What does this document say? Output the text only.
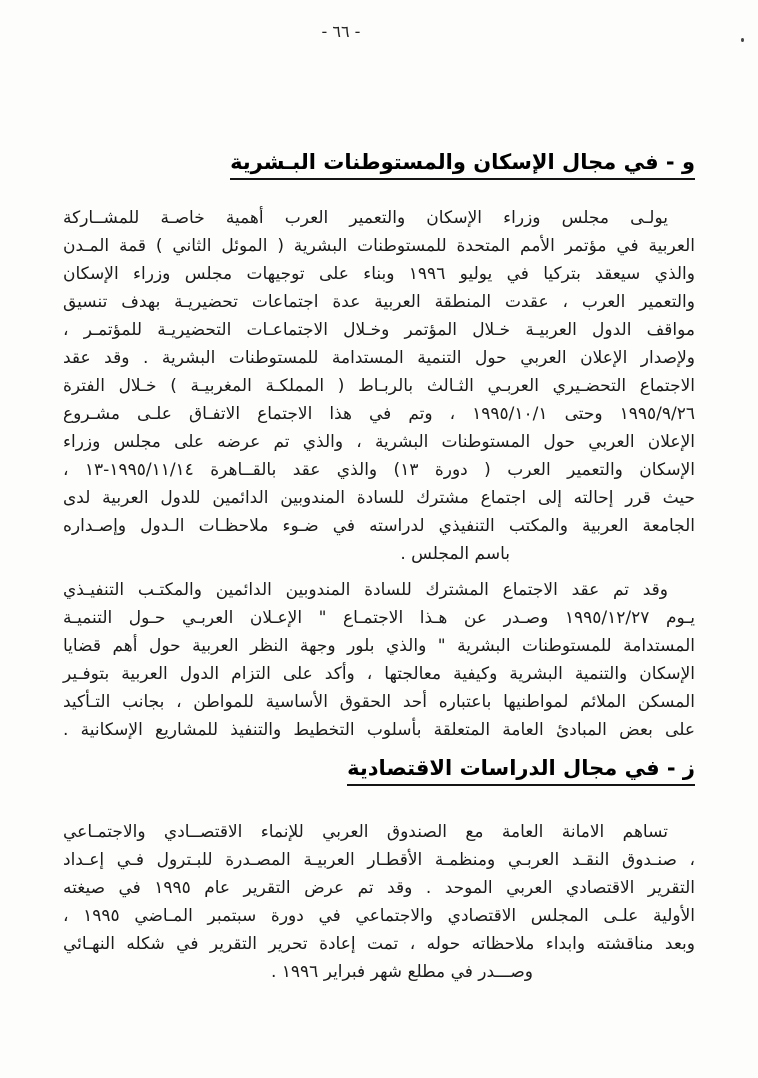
- ٦٦ -
و - في مجال الإسكان والمستوطنات البـشرية
يولـى مجلس وزراء الإسكان والتعمير العرب أهمية خاصـة للمشــاركة
العربية في مؤتمر الأمم المتحدة للمستوطنات البشرية ( الموئل الثاني ) قمة المـدن
والذي سيعقد بتركيا في يوليو ١٩٩٦ وبناء على توجيهات مجلس وزراء الإسكان
والتعمير العرب ، عقدت المنطقة العربية عدة اجتماعات تحضيريـة بهدف تنسيق
مواقف الدول العربيـة خـلال المؤتمر وخـلال الاجتماعـات التحضيريـة للمؤتمـر ،
ولإصدار الإعلان العربي حول التنمية المستدامة للمستوطنات البشرية . وقد عقد
الاجتماع التحضـيري العربـي الثـالث بالربـاط ( المملكـة المغربيـة ) خـلال الفترة
١٩٩٥/٩/٢٦ وحتى ١٩٩٥/١٠/١ ، وتم في هذا الاجتماع الاتفـاق علـى مشـروع
الإعلان العربي حول المستوطنات البشرية ، والذي تم عرضه على مجلس وزراء
الإسكان والتعمير العرب ( دورة ١٣) والذي عقد بالقــاهرة ⁦١٩٩٥/١١/١٤-١٣⁩ ،
حيث قرر إحالته إلى اجتماع مشترك للسادة المندوبين الدائمين للدول العربية لدى
الجامعة العربية والمكتب التنفيذي لدراسته في ضـوء ملاحظـات الـدول وإصـداره
باسم المجلس .
وقد تم عقد الاجتماع المشترك للسادة المندوبين الدائمين والمكتـب التنفيـذي
يـوم ١٩٩٥/١٢/٢٧ وصـدر عن هـذا الاجتمـاع " الإعـلان العربـي حـول التنميـة
المستدامة للمستوطنات البشرية " والذي بلور وجهة النظر العربية حول أهم قضايا
الإسكان والتنمية البشرية وكيفية معالجتها ، وأكد على التزام الدول العربية بتوفـير
المسكن الملائم لمواطنيها باعتباره أحد الحقوق الأساسية للمواطن ، بجانب التـأكيد
على بعض المبادئ العامة المتعلقة بأسلوب التخطيط والتنفيذ للمشاريع الإسكانية .
ز - في مجال الدراسات الاقتصادية
تساهم الامانة العامة مع الصندوق العربي للإنماء الاقتصــادي والاجتمـاعي
، صنـدوق النقـد العربـي ومنظمـة الأقطـار العربيـة المصـدرة للبـترول فـي إعـداد
التقرير الاقتصادي العربي الموحد . وقد تم عرض التقرير عام ١٩٩٥ في صيغته
الأولية علـى المجلس الاقتصادي والاجتماعي في دورة سبتمبر المـاضي ١٩٩٥ ،
وبعد مناقشته وابداء ملاحظاته حوله ، تمت إعادة تحرير التقرير في شكله النهـائي
وصـــدر في مطلع شهر فبراير ١٩٩٦ .
